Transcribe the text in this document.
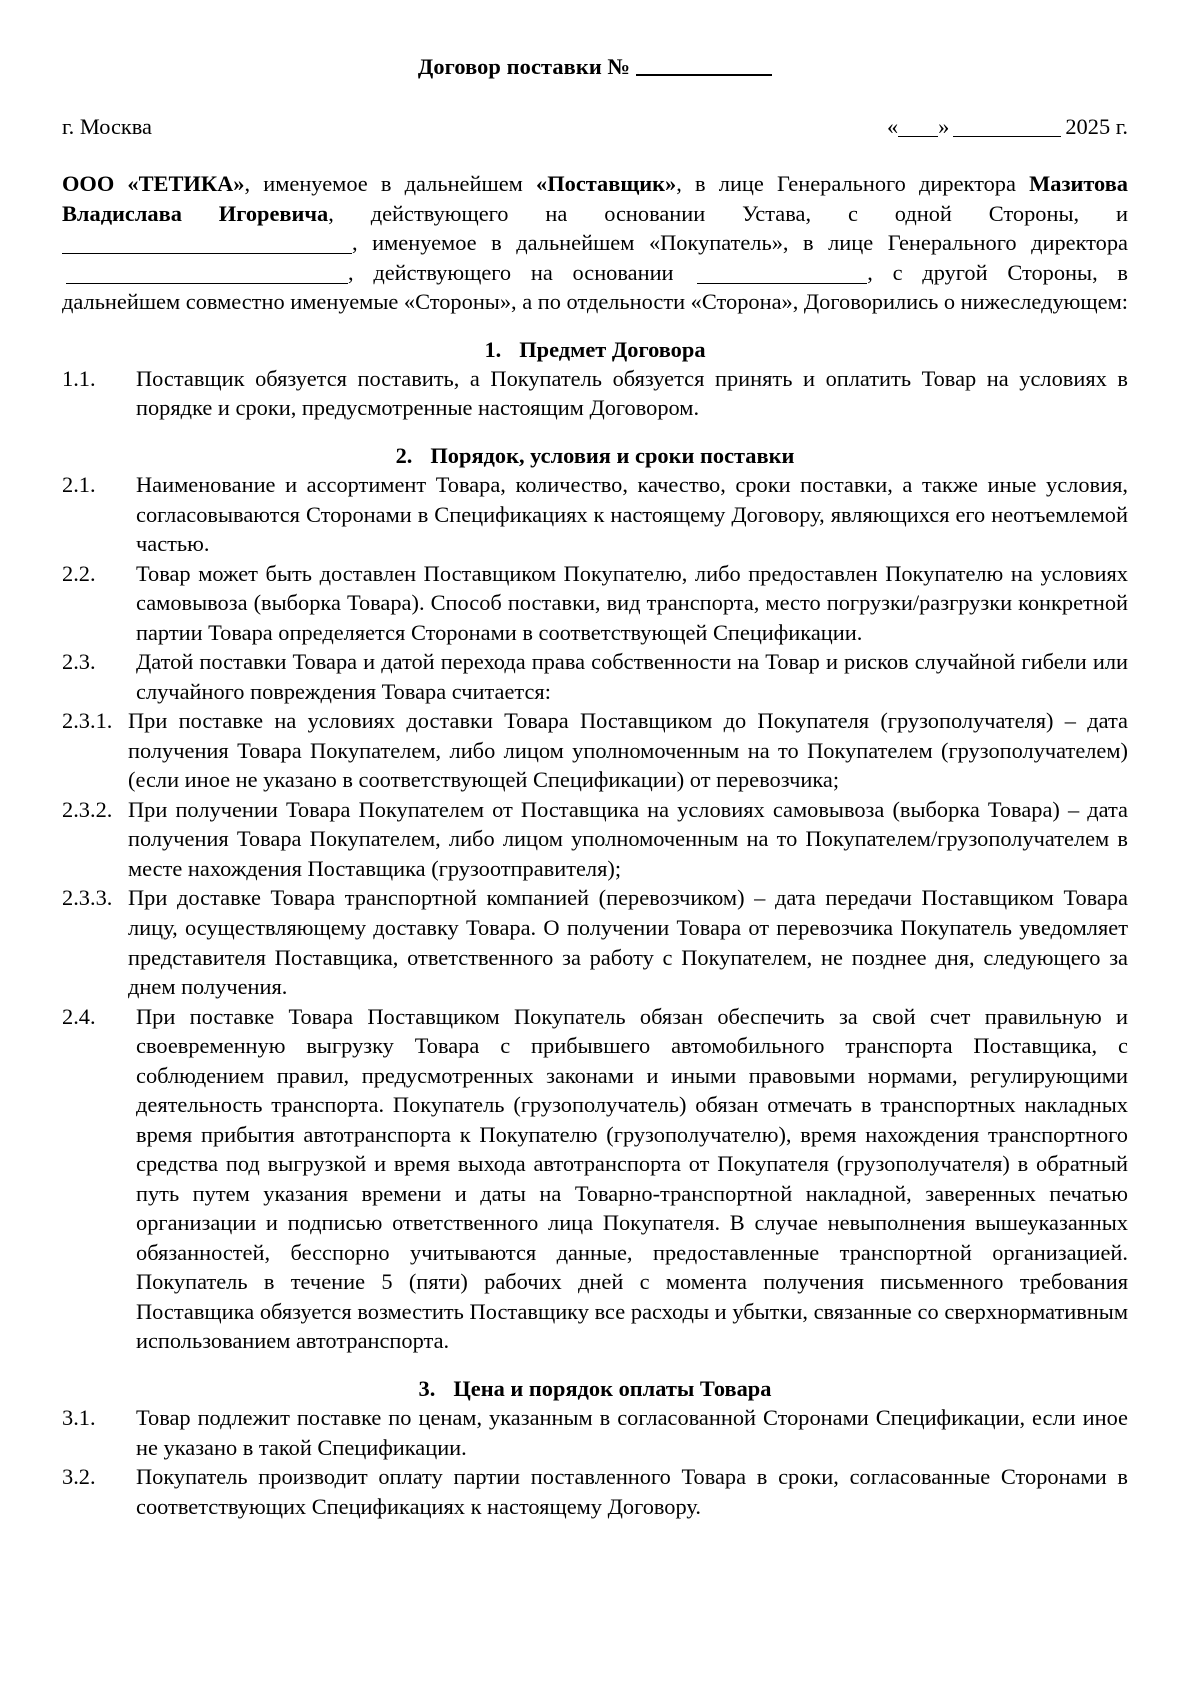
Договор поставки №
г. Москва	« »	2025 г.

ООО «ТЕТИКА», именуемое в дальнейшем «Поставщик», в лице Генерального директора Мазитова Владислава Игоревича, действующего на основании Устава, с одной Стороны, и , именуемое в дальнейшем «Покупатель», в лице Генерального директора , действующего на основании	, с другой Стороны, в дальнейшем совместно именуемые «Стороны», а по отдельности «Сторона», Договорились о нижеследующем:

1. Предмет Договора

1.1. Поставщик обязуется поставить, а Покупатель обязуется принять и оплатить Товар на условиях в порядке и сроки, предусмотренные настоящим Договором.

2. Порядок, условия и сроки поставки

2.1. Наименование и ассортимент Товара, количество, качество, сроки поставки, а также иные условия, согласовываются Сторонами в Спецификациях к настоящему Договору, являющихся его неотъемлемой частью.

2.2. Товар может быть доставлен Поставщиком Покупателю, либо предоставлен Покупателю на условиях самовывоза (выборка Товара). Способ поставки, вид транспорта, место погрузки/разгрузки конкретной партии Товара определяется Сторонами в соответствующей Спецификации.

2.3. Датой поставки Товара и датой перехода права собственности на Товар и рисков случайной гибели или случайного повреждения Товара считается:

2.3.1. При поставке на условиях доставки Товара Поставщиком до Покупателя (грузополучателя) – дата получения Товара Покупателем, либо лицом уполномоченным на то Покупателем (грузополучателем) (если иное не указано в соответствующей Спецификации) от перевозчика;

2.3.2. При получении Товара Покупателем от Поставщика на условиях самовывоза (выборка Товара) – дата получения Товара Покупателем, либо лицом уполномоченным на то Покупателем/грузополучателем в месте нахождения Поставщика (грузоотправителя);

2.3.3. При доставке Товара транспортной компанией (перевозчиком) – дата передачи Поставщиком Товара лицу, осуществляющему доставку Товара. О получении Товара от перевозчика Покупатель уведомляет представителя Поставщика, ответственного за работу с Покупателем, не позднее дня, следующего за днем получения.

2.4. При поставке Товара Поставщиком Покупатель обязан обеспечить за свой счет правильную и своевременную выгрузку Товара с прибывшего автомобильного транспорта Поставщика, с соблюдением правил, предусмотренных законами и иными правовыми нормами, регулирующими деятельность транспорта. Покупатель (грузополучатель) обязан отмечать в транспортных накладных время прибытия автотранспорта к Покупателю (грузополучателю), время нахождения транспортного средства под выгрузкой и время выхода автотранспорта от Покупателя (грузополучателя) в обратный путь путем указания времени и даты на Товарно-транспортной накладной, заверенных печатью организации и подписью ответственного лица Покупателя. В случае невыполнения вышеуказанных обязанностей, бесспорно учитываются данные, предоставленные транспортной организацией. Покупатель в течение 5 (пяти) рабочих дней с момента получения письменного требования Поставщика обязуется возместить Поставщику все расходы и убытки, связанные со сверхнормативным использованием автотранспорта.

3. Цена и порядок оплаты Товара

3.1. Товар подлежит поставке по ценам, указанным в согласованной Сторонами Спецификации, если иное не указано в такой Спецификации.

3.2. Покупатель производит оплату партии поставленного Товара в сроки, согласованные Сторонами в соответствующих Спецификациях к настоящему Договору.
